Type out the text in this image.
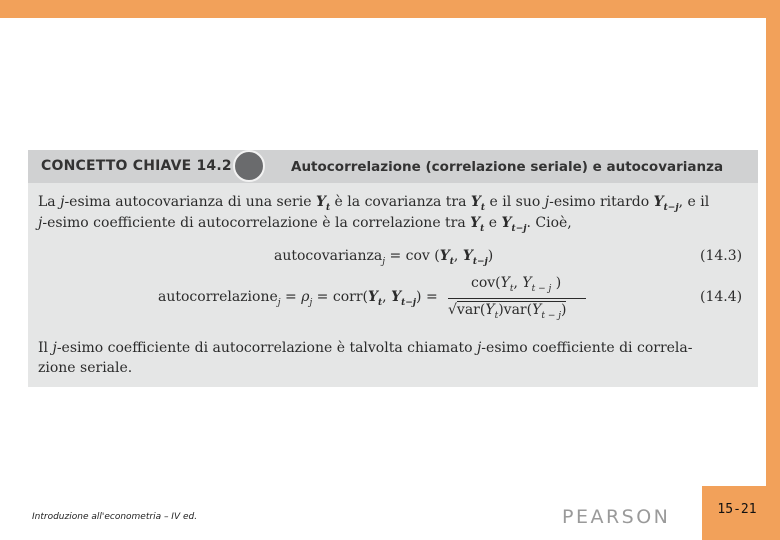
CONCETTO CHIAVE 14.2	Autocorrelazione (correlazione seriale) e autocovarianza
La j-esima autocovarianza di una serie $Y_t$ è la covarianza tra $Y_t$ e il suo j-esimo ritardo $Y_{t-j}$, e il
j-esimo coefficiente di autocorrelazione è la correlazione tra $Y_t$ e $Y_{t-j}$. Cioè,
autocovarianza$_j$ = cov ($Y_t$, $Y_{t-j}$)	(14.3)
autocorrelazione$_j$ = $\rho_j$ = $corr(Y_t$, $Y_{t-j}$) =
$cov(Y_t$, $Y_{t - j}$ )
$√var(Y_t)var(Y_{t - j})$
(14.4)
Il j-esimo coefficiente di autocorrelazione è talvolta chiamato j-esimo coefficiente di correla-
zione seriale.
Introduzione all'econometria – IV ed.	PEARSON	15-21
